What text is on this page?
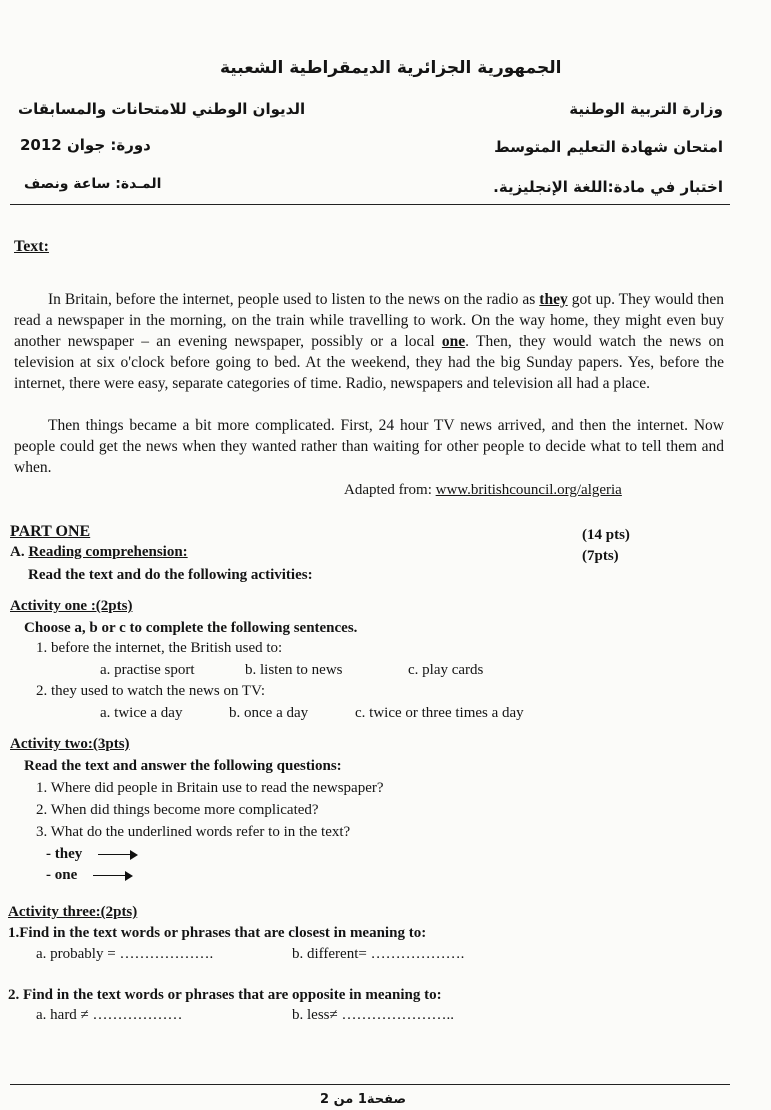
الجمهورية الجزائرية الديمقراطية الشعبية
وزارة التربية الوطنية
الديوان الوطني للامتحانات والمسابقات
امتحان شهادة التعليم المتوسط
دورة: جوان 2012
اختبار في مادة:اللغة الإنجليزية.
المـدة: ساعة ونصف
Text:
In Britain, before the internet, people used to listen to the news on the radio as they got up. They would then read a newspaper in the morning, on the train while travelling to work. On the way home, they might even buy another newspaper – an evening newspaper, possibly or a local one. Then, they would watch the news on television at six o'clock before going to bed. At the weekend, they had the big Sunday papers. Yes, before the internet, there were easy, separate categories of time. Radio, newspapers and television all had a place.
Then things became a bit more complicated. First, 24 hour TV news arrived, and then the internet. Now people could get the news when they wanted rather than waiting for other people to decide what to tell them and when.
Adapted from: www.britishcouncil.org/algeria
PART ONE	(14 pts)
A. Reading comprehension:	(7pts)
Read the text and do the following activities:
Activity one :(2pts)
Choose a, b or c to complete the following sentences.
1. before the internet, the British used to:
a. practise sport	b. listen to news	c. play cards
2. they used to watch the news on TV:
a. twice a day	b. once a day	c. twice or three times a day
Activity two:(3pts)
Read the text and answer the following questions:
1. Where did people in Britain use to read the newspaper?
2. When did things become more complicated?
3. What do the underlined words refer to in the text?
- they
- one
Activity three:(2pts)
1.Find in the text words or phrases that are closest in meaning to:
a. probably = ……………….	b. different= ……………….
2. Find in the text words or phrases that are opposite in meaning to:
a. hard ≠ ………………	b. less≠ …………………..
صفحة1 من 2
